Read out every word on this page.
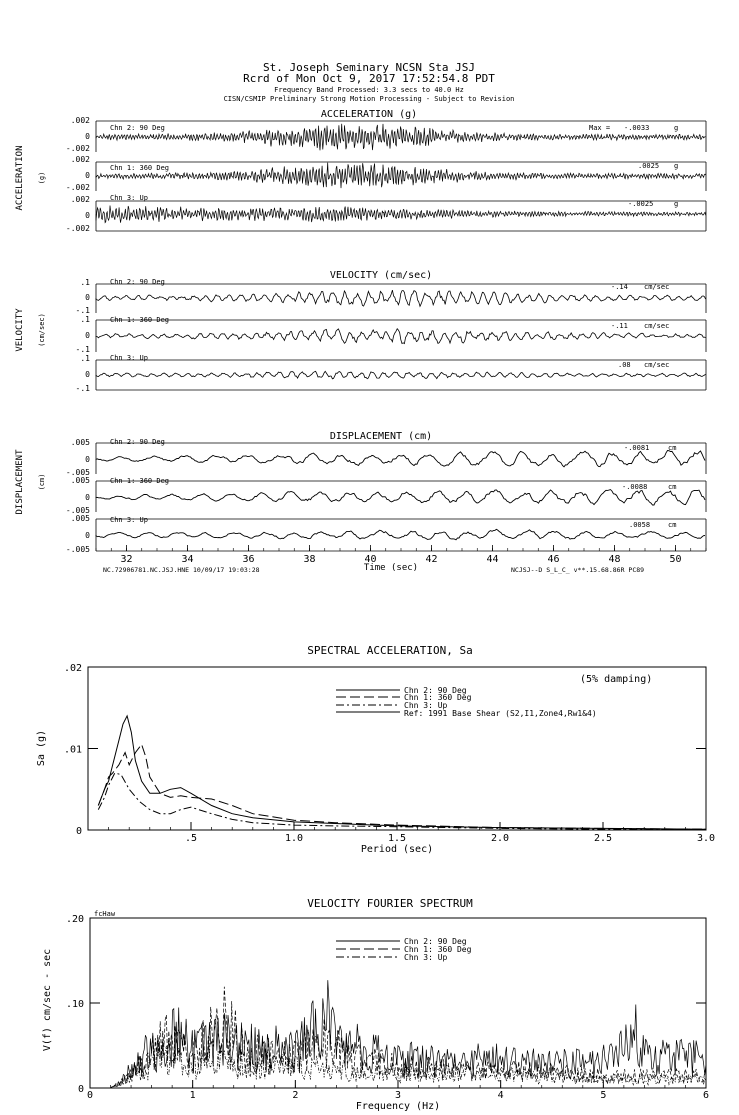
St. Joseph Seminary NCSN Sta JSJ
Rcrd of Mon Oct 9, 2017 17:52:54.8 PDT
Frequency Band Processed: 3.3 secs to 40.0 Hz
CISN/CSMIP Preliminary Strong Motion Processing - Subject to Revision
ACCELERATION (g)
ACCELERATION (g)
Max =
.002
0
-.002
Chn 2: 90 Deg	-.0033	g
.002
0
-.002
Chn 1: 360 Deg	.0025 g
.002
0
-.002
Chn 3: Up
-.0025	g
VELOCITY (cm/sec)
VELOCITY (cm/sec)
.1
0
-.1
Chn 2: 90 Deg
-.14 cm/sec
.1
0
-.1
Chn 1: 360 Deg
-.11 cm/sec
.1
0
-.1
Chn 3: Up
.08 cm/sec
DISPLACEMENT (cm)
DISPLACEMENT (cm)
.005
0
-.005
Chn 2: 90 Deg
-.0081	cm
.005
0
-.005
Chn 1: 360 Deg
-.0088	cm
.005
0
-.005
Chn 3: Up
.0058	cm
32	34	36	38	40	42	44	46	48	50
Time (sec)
NC.72906781.NC.JSJ.HNE 10/09/17 19:03:28	NCJSJ--D S_L_C_ v**.15.68.86R PC89
SPECTRAL ACCELERATION, Sa
Sa (g)
Period (sec)
(5% damping)
.5	1.0	1.5	2.0	2.5	3.0
0
.01
.02
Chn 2: 90 Deg
Chn 1: 360 Deg
Chn 3: Up
Ref: 1991 Base Shear (S2,I1,Zone4,Rw1&4)
VELOCITY FOURIER SPECTRUM
fcHaw
V(f) cm/sec - sec
Frequency (Hz)
0	1	2	3	4	5	6
0
.10
.20
Chn 2: 90 Deg
Chn 1: 360 Deg
Chn 3: Up
